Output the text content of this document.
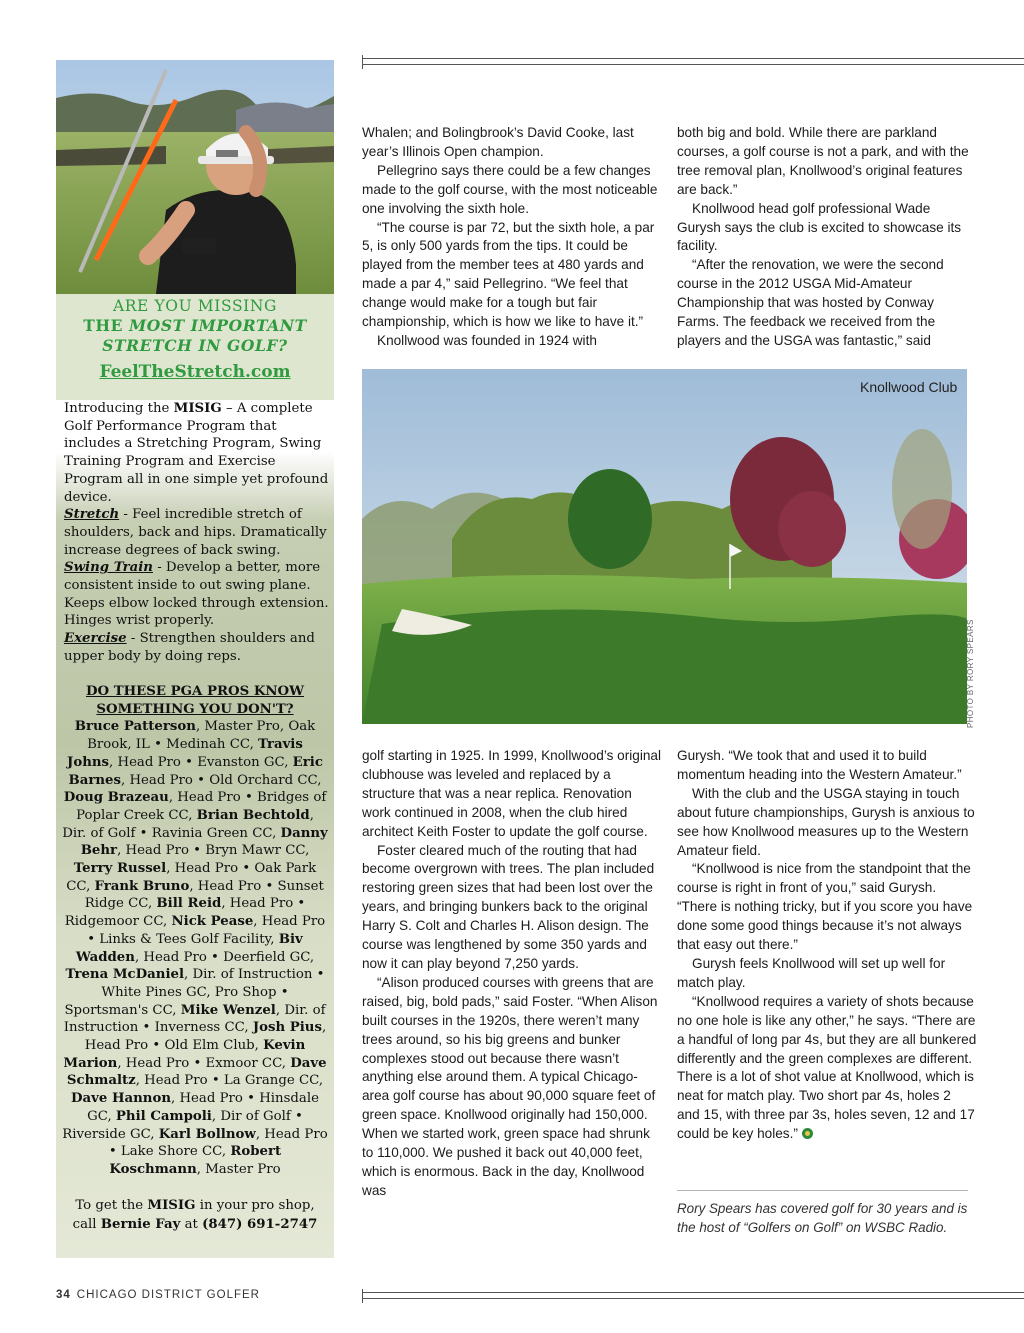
ARE YOU MISSING
THE MOST IMPORTANT
STRETCH IN GOLF?
FeelTheStretch.com
Introducing the MISIG – A complete Golf Performance Program that includes a Stretching Program, Swing Training Program and Exercise Program all in one simple yet profound device.
Stretch - Feel incredible stretch of shoulders, back and hips. Dramatically increase degrees of back swing.
Swing Train - Develop a better, more consistent inside to out swing plane. Keeps elbow locked through extension. Hinges wrist properly.
Exercise - Strengthen shoulders and upper body by doing reps.
DO THESE PGA PROS KNOW
SOMETHING YOU DON'T?
Bruce Patterson, Master Pro, Oak Brook, IL • Medinah CC, Travis Johns, Head Pro • Evanston GC, Eric Barnes, Head Pro • Old Orchard CC, Doug Brazeau, Head Pro • Bridges of Poplar Creek CC, Brian Bechtold, Dir. of Golf • Ravinia Green CC, Danny Behr, Head Pro • Bryn Mawr CC, Terry Russel, Head Pro • Oak Park CC, Frank Bruno, Head Pro • Sunset Ridge CC, Bill Reid, Head Pro • Ridgemoor CC, Nick Pease, Head Pro • Links & Tees Golf Facility, Biv Wadden, Head Pro • Deerfield GC, Trena McDaniel, Dir. of Instruction • White Pines GC, Pro Shop • Sportsman's CC, Mike Wenzel, Dir. of Instruction • Inverness CC, Josh Pius, Head Pro • Old Elm Club, Kevin Marion, Head Pro • Exmoor CC, Dave Schmaltz, Head Pro • La Grange CC, Dave Hannon, Head Pro • Hinsdale GC, Phil Campoli, Dir of Golf • Riverside GC, Karl Bollnow, Head Pro • Lake Shore CC, Robert Koschmann, Master Pro
To get the MISIG in your pro shop,
call Bernie Fay at (847) 691-2747

Whalen; and Bolingbrook’s David Cooke, last year’s Illinois Open champion.

Pellegrino says there could be a few changes made to the golf course, with the most noticeable one involving the sixth hole.

“The course is par 72, but the sixth hole, a par 5, is only 500 yards from the tips. It could be played from the member tees at 480 yards and made a par 4,” said Pellegrino. “We feel that change would make for a tough but fair championship, which is how we like to have it.”

Knollwood was founded in 1924 with

both big and bold. While there are parkland courses, a golf course is not a park, and with the tree removal plan, Knollwood’s original features are back.”

Knollwood head golf professional Wade Gurysh says the club is excited to showcase its facility.

“After the renovation, we were the second course in the 2012 USGA Mid-Amateur Championship that was hosted by Conway Farms. The feedback we received from the players and the USGA was fantastic,” said

Knollwood Club
PHOTO BY RORY SPEARS

golf starting in 1925. In 1999, Knollwood’s original clubhouse was leveled and replaced by a structure that was a near replica. Renovation work continued in 2008, when the club hired architect Keith Foster to update the golf course.

Foster cleared much of the routing that had become overgrown with trees. The plan included restoring green sizes that had been lost over the years, and bringing bunkers back to the original Harry S. Colt and Charles H. Alison design. The course was lengthened by some 350 yards and now it can play beyond 7,250 yards.

“Alison produced courses with greens that are raised, big, bold pads,” said Foster. “When Alison built courses in the 1920s, there weren’t many trees around, so his big greens and bunker complexes stood out because there wasn’t anything else around them. A typical Chicago-area golf course has about 90,000 square feet of green space. Knollwood originally had 150,000. When we started work, green space had shrunk to 110,000. We pushed it back out 40,000 feet, which is enormous. Back in the day, Knollwood was

Gurysh. “We took that and used it to build momentum heading into the Western Amateur.”

With the club and the USGA staying in touch about future championships, Gurysh is anxious to see how Knollwood measures up to the Western Amateur field.

“Knollwood is nice from the standpoint that the course is right in front of you,” said Gurysh. “There is nothing tricky, but if you score you have done some good things because it’s not always that easy out there.”

Gurysh feels Knollwood will set up well for match play.

“Knollwood requires a variety of shots because no one hole is like any other,” he says. “There are a handful of long par 4s, but they are all bunkered differently and the green complexes are different. There is a lot of shot value at Knollwood, which is neat for match play. Two short par 4s, holes 2 and 15, with three par 3s, holes seven, 12 and 17 could be key holes.”

Rory Spears has covered golf for 30 years and is the host of “Golfers on Golf” on WSBC Radio.
34 CHICAGO DISTRICT GOLFER
